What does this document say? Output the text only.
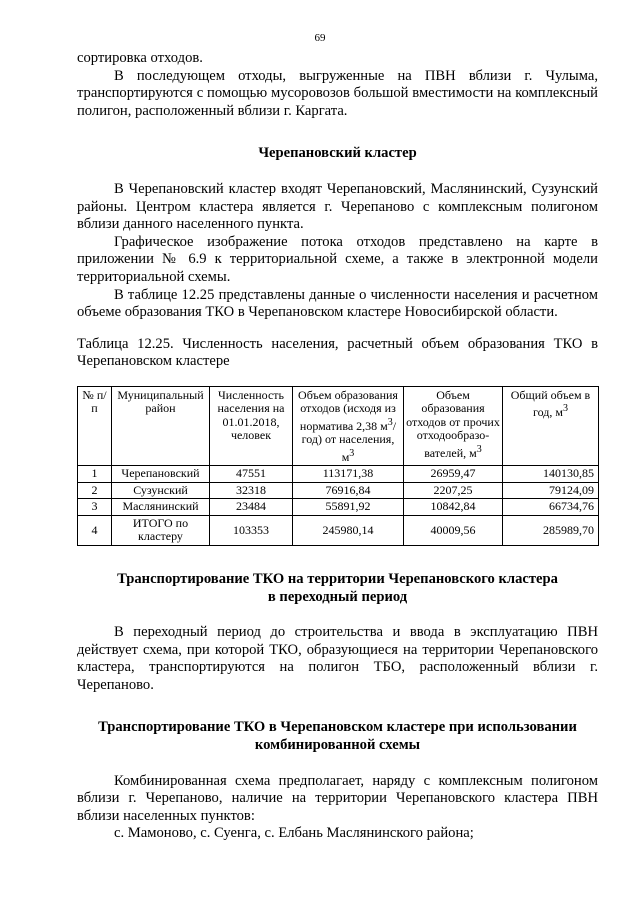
69

сортировка отходов.

В последующем отходы, выгруженные на ПВН вблизи г. Чулыма, транспортируются с помощью мусоровозов большой вместимости на комплексный полигон, расположенный вблизи г. Каргата.

Черепановский кластер

В Черепановский кластер входят Черепановский, Маслянинский, Сузунский районы. Центром кластера является г. Черепаново с комплексным полигоном вблизи данного населенного пункта.

Графическое изображение потока отходов представлено на карте в приложении № 6.9 к территориальной схеме, а также в электронной модели территориальной схемы.

В таблице 12.25 представлены данные о численности населения и расчетном объеме образования ТКО в Черепановском кластере Новосибирской области.

Таблица 12.25. Численность населения, расчетный объем образования ТКО в Черепановском кластере

№ п/п	Муниципальный район	Численность населения на 01.01.2018, человек	Объем образования отходов (исходя из норматива 2,38 $м^3/год$) от населения, $м^3$	Объем образования отходов от прочих отходообразо-вателей, $м^3$	Общий объем в год, $м^3$
1	Черепановский	47551	113171,38	26959,47	140130,85
2	Сузунский	32318	76916,84	2207,25	79124,09
3	Маслянинский	23484	55891,92	10842,84	66734,76
4	ИТОГО по кластеру	103353	245980,14	40009,56	285989,70
Транспортирование ТКО на территории Черепановского кластера
в переходный период

В переходный период до строительства и ввода в эксплуатацию ПВН действует схема, при которой ТКО, образующиеся на территории Черепановского кластера, транспортируются на полигон ТБО, расположенный вблизи г. Черепаново.

Транспортирование ТКО в Черепановском кластере при использовании
комбинированной схемы

Комбинированная схема предполагает, наряду с комплексным полигоном вблизи г. Черепаново, наличие на территории Черепановского кластера ПВН вблизи населенных пунктов:

с. Мамоново, с. Суенга, с. Елбань Маслянинского района;
